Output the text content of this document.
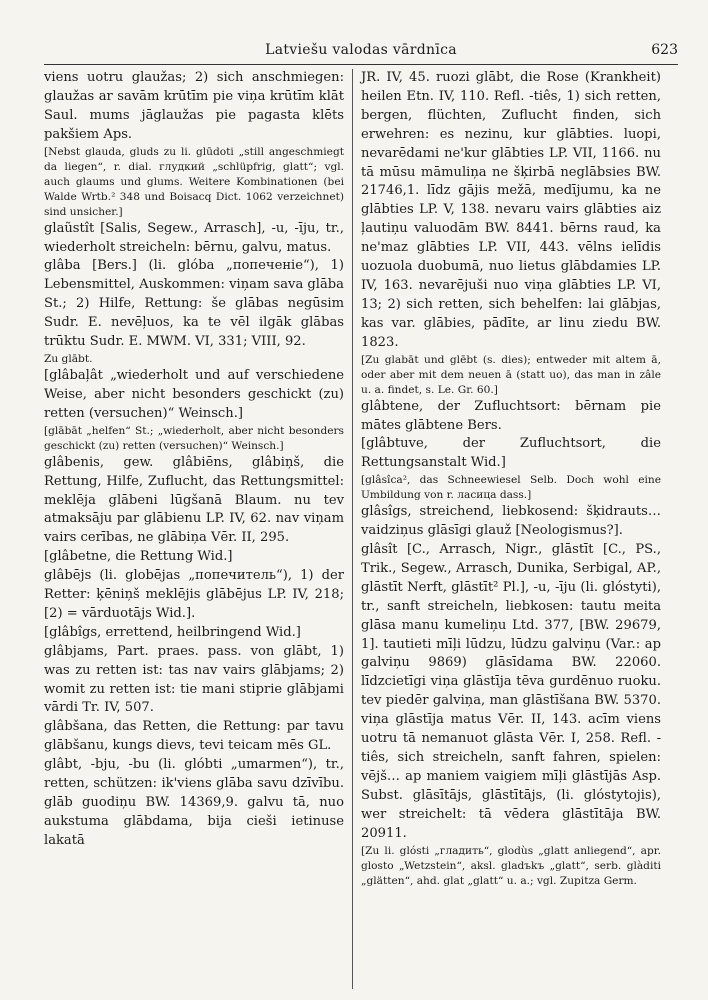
Latviešu valodas vārdnīca	623

viens uotru glaužas; 2) sich anschmiegen: glaužas ar savām krūtīm pie viņa krūtīm klāt Saul. mums jāglaužas pie pagasta klēts pakšiem Aps.

[Nebst glauda, gluds zu li. glūdoti „still angeschmiegt da liegen“, r. dial. глудкий „schlüpfrig, glatt“; vgl. auch glaums und glums. Weitere Kombinationen (bei Walde Wrtb.² 348 und Boisacq Dict. 1062 verzeichnet) sind unsicher.]

glaũstît [Salis, Segew., Arrasch], -u, -īju, tr., wiederholt streicheln: bērnu, galvu, matus.

glâba [Bers.] (li. glóba „попеченіе“), 1) Lebensmittel, Auskommen: viņam savа glāba St.; 2) Hilfe, Rettung: še glābas negūsim Sudr. E. nevēļuos, ka te vēl ilgāk glābas trūktu Sudr. E. MWM. VI, 331; VIII, 92.

Zu glābt.

[glâbaļât „wiederholt und auf verschiedene Weise, aber nicht besonders geschickt (zu) retten (versuchen)“ Weinsch.]

[glābāt „helfen“ St.; „wiederholt, aber nicht besonders geschickt (zu) retten (versuchen)“ Weinsch.]

glâbenis, gew. glâbiēns, glâbiņš, die Rettung, Hilfe, Zuflucht, das Rettungsmittel: meklēja glābeni lūgšanā Blaum. nu tev atmaksāju par glābienu LP. IV, 62. nav viņam vairs cerības, ne glābiņa Vēr. II, 295.

[glâbetne, die Rettung Wid.]

glâbējs (li. globējas „попечитель“), 1) der Retter: ķēniņš meklējis glābējus LP. IV, 218; [2) = vārduotājs Wid.].

[glâbîgs, errettend, heilbringend Wid.]

glâbjams, Part. praes. pass. von glābt, 1) was zu retten ist: tas nav vairs glābjams; 2) womit zu retten ist: tie mani stiprie glābjami vārdi Tr. IV, 507.

glâbšana, das Retten, die Rettung: par tavu glābšanu, kungs dievs, tevi teicam mēs GL.

glâbt, -bju, -bu (li. glóbti „umarmen“), tr., retten, schützen: ik'viens glāba savu dzīvību. glāb guodiņu BW. 14369,9. galvu tā, nuo aukstuma glābdama, bija cieši ietinuse lakatā

JR. IV, 45. ruozi glābt, die Rose (Krankheit) heilen Etn. IV, 110. Refl. -tiês, 1) sich retten, bergen, flüchten, Zuflucht finden, sich erwehren: es nezinu, kur glābties. luopi, nevarēdami ne'kur glābties LP. VII, 1166. nu tā mūsu māmuliņa ne šķirbā neglābsies BW. 21746,1. līdz gājis mežā, medījumu, ka ne glābties LP. V, 138. nevaru vairs glābties aiz ļautiņu valuodām BW. 8441. bērns raud, ka ne'maz glābties LP. VII, 443. vēlns ielīdis uozuola duobumā, nuo lietus glābdamies LP. IV, 163. nevarēјuši nuo viņa glābties LP. VI, 13; 2) sich retten, sich behelfen: lai glābjas, kas var. glābies, pādīte, ar linu ziedu BW. 1823.

[Zu glabāt und glēbt (s. dies); entweder mit altem ā, oder aber mit dem neuen ā (statt uo), das man in zâle u. a. findet, s. Le. Gr. 60.]

glâbtene, der Zufluchtsort: bērnam pie mātes glābtene Bers.

[glâbtuve, der Zufluchtsort, die Rettungsanstalt Wid.]

[glâsîca², das Schneewiesel Selb. Doch wohl eine Umbildung von r. ласица dass.]

glâsîgs, streichend, liebkosend: šķidrauts… vaidziņus glāsīgi glauž [Neologismus?].

glâsît [C., Arrasch, Nigr., glāstīt [C., PS., Trik., Segew., Arrasch, Dunika, Serbigal, AP., glāstīt Nerft, glāstīt² Pl.], -u, -īju (li. glóstyti), tr., sanft streicheln, liebkosen: tautu meita glāsa manu kumeliņu Ltd. 377, [BW. 29679, 1]. tautieti mīļi lūdzu, lūdzu galviņu (Var.: ap galviņu 9869) glāsīdama BW. 22060. līdzcietīgi viņa glāstīja tēva gurdēnuo ruoku. tev piedēr galviņa, man glāstīšana BW. 5370. viņa glāstīja matus Vēr. II, 143. acīm viens uotru tā nemanuot glāsta Vēr. I, 258. Refl. -tiês, sich streicheln, sanft fahren, spielen: vējš… ap maniem vaigiem mīļi glāstījās Asp. Subst. glāsītājs, glāstītājs, (li. glóstytojis), wer streichelt: tā vēdera glāstītāja BW. 20911.

[Zu li. glósti „гладить“, glodùs „glatt anliegend“, apr. glosto „Wetzstein“, aksl. gladъkъ „glatt“, serb. glàditi „glätten“, ahd. glat „glatt“ u. a.; vgl. Zupitza Germ.
